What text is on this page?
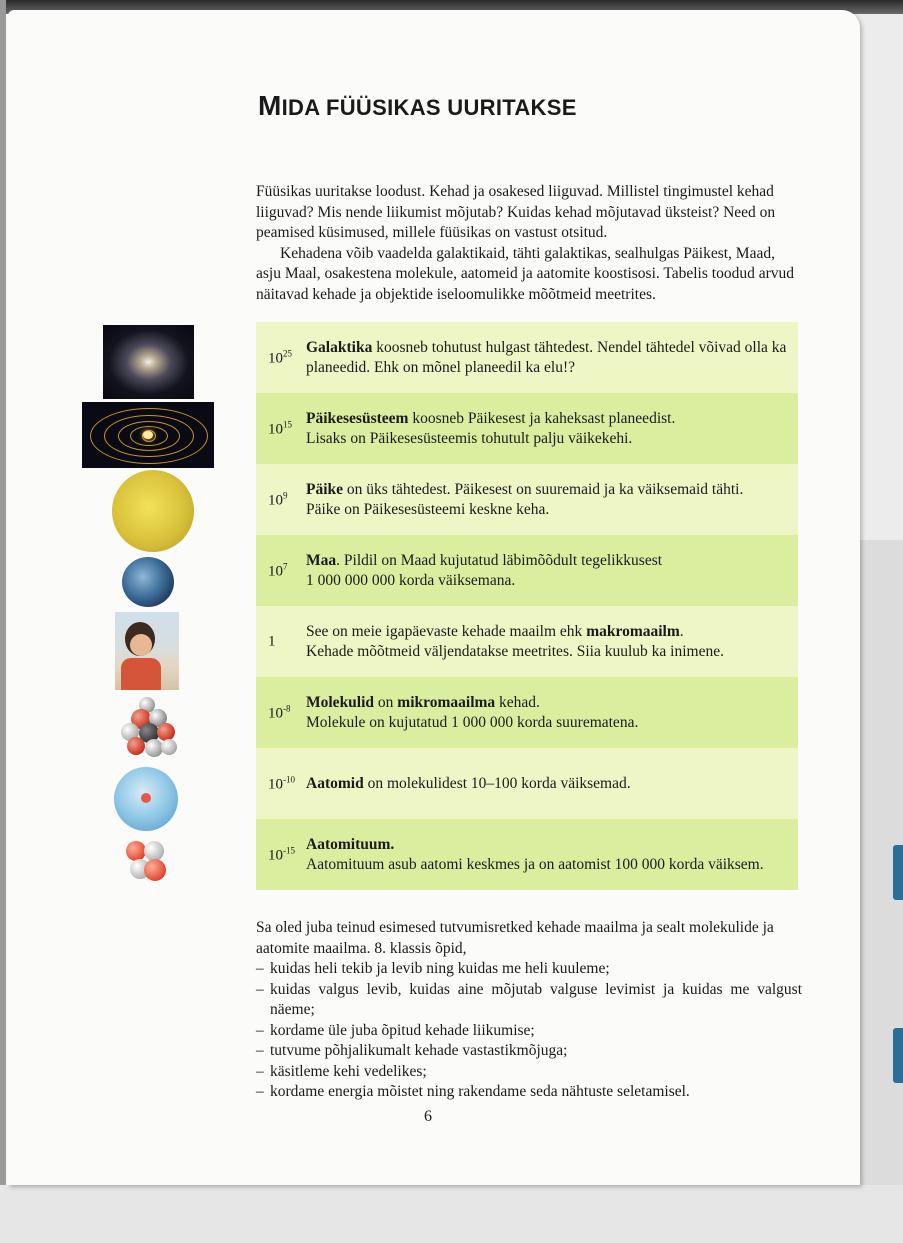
MIDA FÜÜSIKAS UURITAKSE

Füüsikas uuritakse loodust. Kehad ja osakesed liiguvad. Millistel tingimustel kehad liiguvad? Mis nende liikumist mõjutab? Kuidas kehad mõjutavad üksteist? Need on peamised küsimused, millele füüsikas on vastust otsitud.

Kehadena võib vaadelda galaktikaid, tähti galaktikas, sealhulgas Päikest, Maad, asju Maal, osakestena molekule, aatomeid ja aatomite koostisosi. Tabelis toodud arvud näitavad kehade ja objektide iseloomulikke mõõtmeid meetrites.

$10^{25}$ Galaktika koosneb tohutust hulgast tähtedest. Nendel tähtedel võivad olla ka planeedid. Ehk on mõnel planeedil ka elu!?
$10^{15}$ Päikesesüsteem koosneb Päikesest ja kaheksast planeedist.
Lisaks on Päikesesüsteemis tohutult palju väikekehi.
$10^9$ Päike on üks tähtedest. Päikesest on suuremaid ja ka väiksemaid tähti.
Päike on Päikesesüsteemi keskne keha.
$10^7$ Maa. Pildil on Maad kujutatud läbimõõdult tegelikkusest
1 000 000 000 korda väiksemana.
1
See on meie igapäevaste kehade maailm ehk makromaailm.
Kehade mõõtmeid väljendatakse meetrites. Siia kuulub ka inimene.
$10^{-8}$ Molekulid on mikromaailma kehad.
Molekule on kujutatud 1 000 000 korda suurematena.
$10^{-10}$ Aatomid on molekulidest 10–100 korda väiksemad.
$10^{-15}$ Aatomituum.
Aatomituum asub aatomi keskmes ja on aatomist 100 000 korda väiksem.

Sa oled juba teinud esimesed tutvumisretked kehade maailma ja sealt molekulide ja aatomite maailma. 8. klassis õpid,

– kuidas heli tekib ja levib ning kuidas me heli kuuleme;
– kuidas valgus levib, kuidas aine mõjutab valguse levimist ja kuidas me valgust näeme;
– kordame üle juba õpitud kehade liikumise;
– tutvume põhjalikumalt kehade vastastikmõjuga;
– käsitleme kehi vedelikes;
– kordame energia mõistet ning rakendame seda nähtuste seletamisel.
6
